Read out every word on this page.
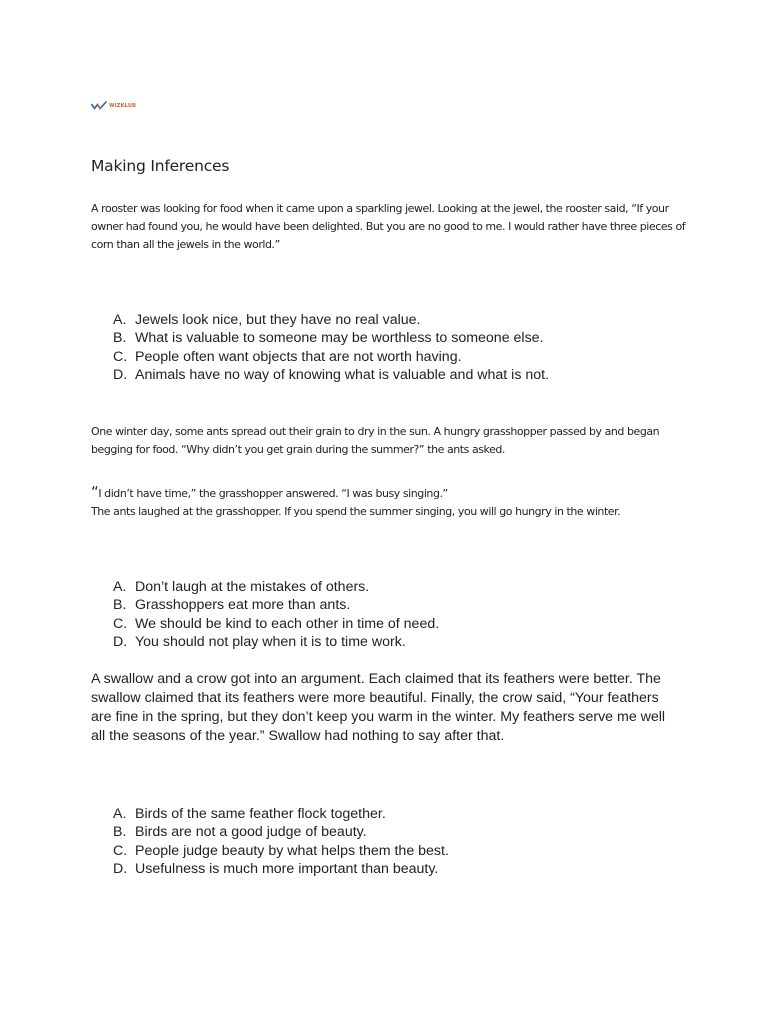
WIZKLUB
Making Inferences

A rooster was looking for food when it came upon a sparkling jewel. Looking at the jewel, the rooster said, “If your owner had found you, he would have been delighted. But you are no good to me. I would rather have three pieces of corn than all the jewels in the world.”

A. Jewels look nice, but they have no real value.
B. What is valuable to someone may be worthless to someone else.
C. People often want objects that are not worth having.
D. Animals have no way of knowing what is valuable and what is not.

One winter day, some ants spread out their grain to dry in the sun. A hungry grasshopper passed by and began begging for food. “Why didn’t you get grain during the summer?” the ants asked.

“I didn’t have time,” the grasshopper answered. “I was busy singing.”
The ants laughed at the grasshopper. If you spend the summer singing, you will go hungry in the winter.
A. Don’t laugh at the mistakes of others.
B. Grasshoppers eat more than ants.
C. We should be kind to each other in time of need.
D. You should not play when it is to time work.

A swallow and a crow got into an argument. Each claimed that its feathers were better. The swallow claimed that its feathers were more beautiful. Finally, the crow said, “Your feathers are fine in the spring, but they don’t keep you warm in the winter. My feathers serve me well all the seasons of the year.” Swallow had nothing to say after that.

A. Birds of the same feather flock together.
B. Birds are not a good judge of beauty.
C. People judge beauty by what helps them the best.
D. Usefulness is much more important than beauty.
